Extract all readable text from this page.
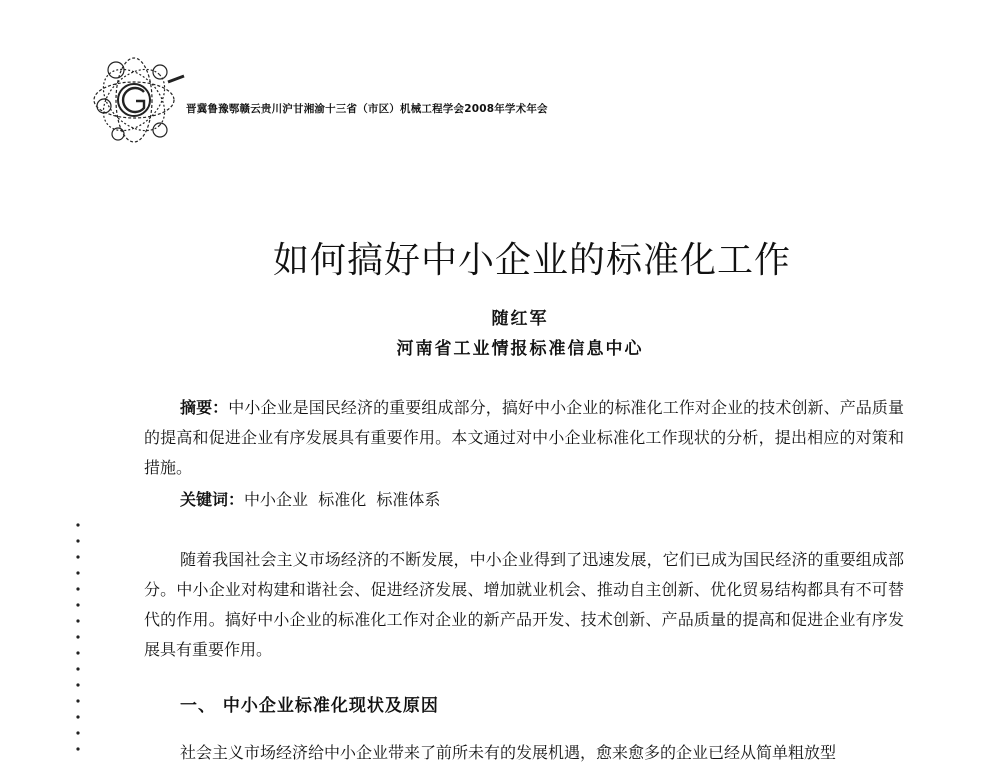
晋冀鲁豫鄂赣云贵川沪甘湘渝十三省（市区）机械工程学会2008年学术年会
如何搞好中小企业的标准化工作
随红军
河南省工业情报标准信息中心

摘要：中小企业是国民经济的重要组成部分，搞好中小企业的标准化工作对企业的技术创新、产品质量的提高和促进企业有序发展具有重要作用。本文通过对中小企业标准化工作现状的分析，提出相应的对策和措施。

关键词：中小企业  标准化  标准体系

随着我国社会主义市场经济的不断发展，中小企业得到了迅速发展，它们已成为国民经济的重要组成部分。中小企业对构建和谐社会、促进经济发展、增加就业机会、推动自主创新、优化贸易结构都具有不可替代的作用。搞好中小企业的标准化工作对企业的新产品开发、技术创新、产品质量的提高和促进企业有序发展具有重要作用。

一、 中小企业标准化现状及原因

社会主义市场经济给中小企业带来了前所未有的发展机遇，愈来愈多的企业已经从简单粗放型
